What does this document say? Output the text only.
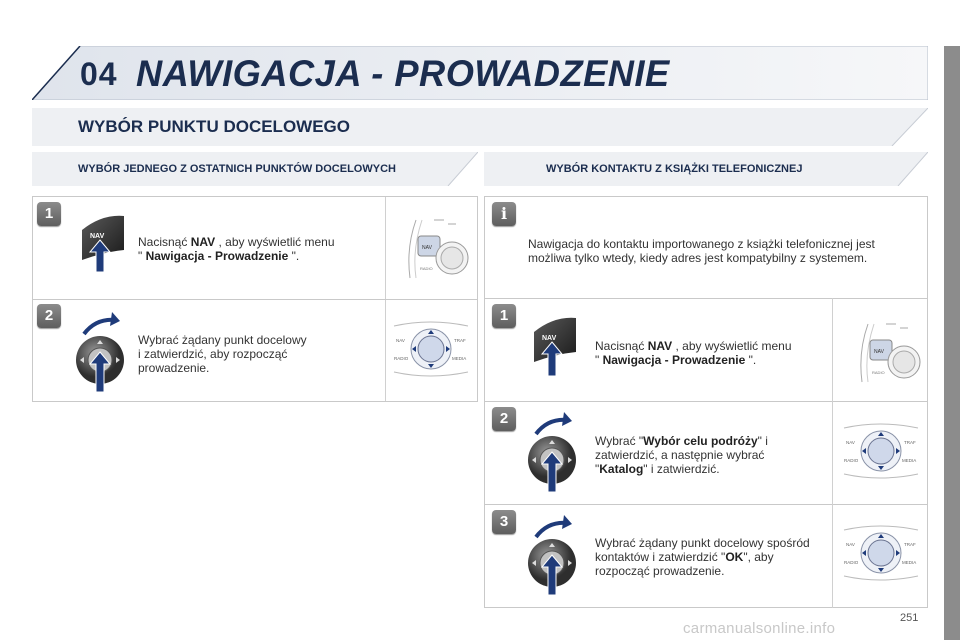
04 NAWIGACJA - PROWADZENIE
WYBÓR PUNKTU DOCELOWEGO
WYBÓR JEDNEGO Z OSTATNICH PUNKTÓW DOCELOWYCH	WYBÓR KONTAKTU Z KSIĄŻKI TELEFONICZNEJ
1
NAV	Nacisnąć NAV , aby wyświetlić menu
" Nawigacja - Prowadzenie ".
NAV
RADIO
2
Wybrać żądany punkt docelowy
i zatwierdzić, aby rozpocząć
prowadzenie.
NAV	TRAF
RADIO	MEDIA
i
Nawigacja do kontaktu importowanego z książki telefonicznej jest
możliwa tylko wtedy, kiedy adres jest kompatybilny z systemem.
1
NAV
Nacisnąć NAV , aby wyświetlić menu
" Nawigacja - Prowadzenie ".
NAV
RADIO
2
Wybrać "Wybór celu podróży" i
zatwierdzić, a następnie wybrać
"Katalog" i zatwierdzić.
NAV	TRAF
RADIO	MEDIA
3
Wybrać żądany punkt docelowy spośród
kontaktów i zatwierdzić "OK", aby
rozpocząć prowadzenie.
NAV	TRAF
RADIO	MEDIA
251
carmanualsonline.info
